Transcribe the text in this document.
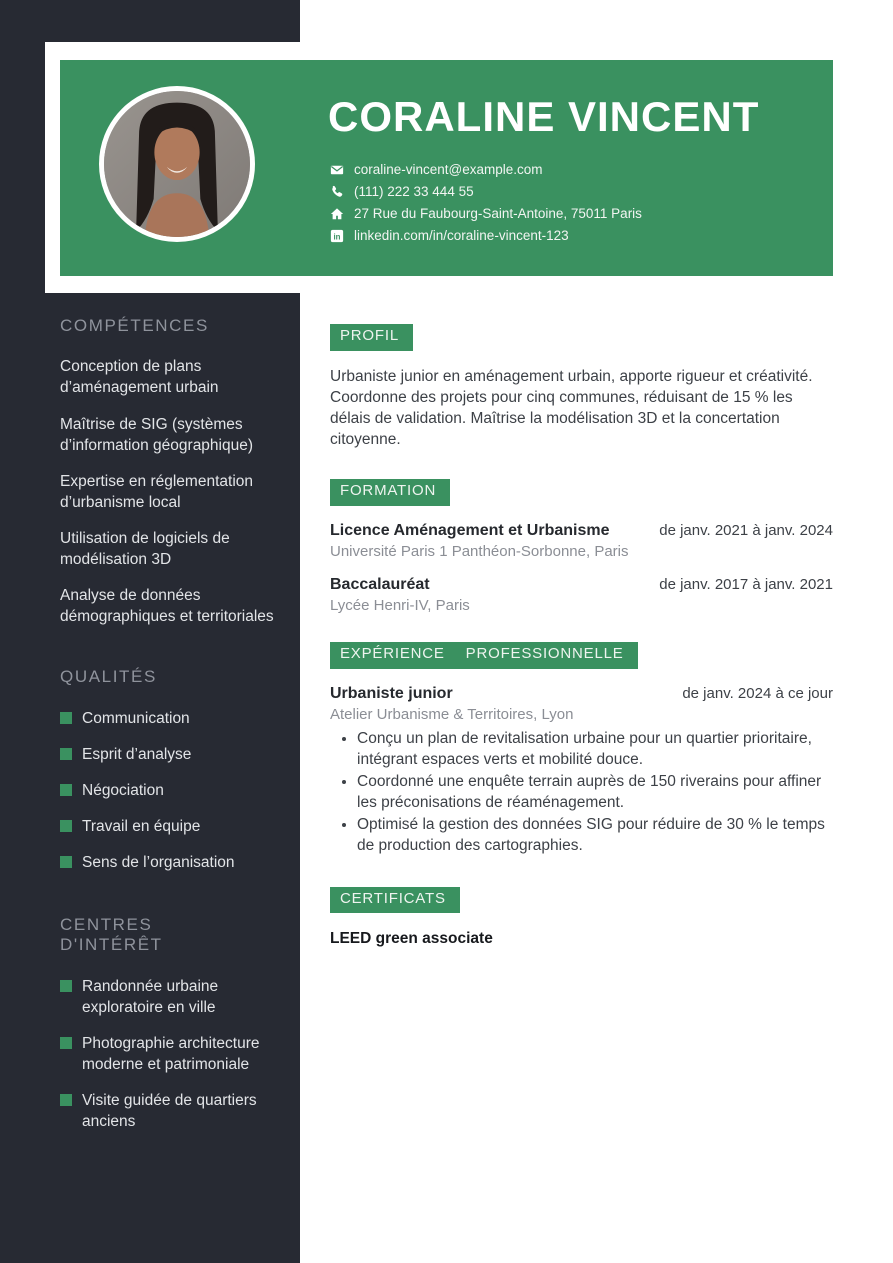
CORALINE VINCENT
coraline-vincent@example.com
(111) 222 33 444 55
27 Rue du Faubourg-Saint-Antoine, 75011 Paris
in linkedin.com/in/coraline-vincent-123
COMPÉTENCES
Conception de plans d’aménagement urbain
Maîtrise de SIG (systèmes d’information géographique)
Expertise en réglementation d’urbanisme local
Utilisation de logiciels de modélisation 3D
Analyse de données démographiques et territoriales
QUALITÉS
Communication
Esprit d’analyse
Négociation
Travail en équipe
Sens de l’organisation
CENTRES D'INTÉRÊT
Randonnée urbaine exploratoire en ville
Photographie architecture moderne et patrimoniale
Visite guidée de quartiers anciens
PROFIL

Urbaniste junior en aménagement urbain, apporte rigueur et créativité. Coordonne des projets pour cinq communes, réduisant de 15 % les délais de validation. Maîtrise la modélisation 3D et la concertation citoyenne.

FORMATION
Licence Aménagement et Urbanisme	de janv. 2021 à janv. 2024
Université Paris 1 Panthéon-Sorbonne, Paris
Baccalauréat	de janv. 2017 à janv. 2021
Lycée Henri-IV, Paris
EXPÉRIENCE PROFESSIONNELLE
Urbaniste junior	de janv. 2024 à ce jour
Atelier Urbanisme & Territoires, Lyon
• Conçu un plan de revitalisation urbaine pour un quartier prioritaire, intégrant espaces verts et mobilité douce.
• Coordonné une enquête terrain auprès de 150 riverains pour affiner les préconisations de réaménagement.
• Optimisé la gestion des données SIG pour réduire de 30 % le temps de production des cartographies.
CERTIFICATS
LEED green associate
